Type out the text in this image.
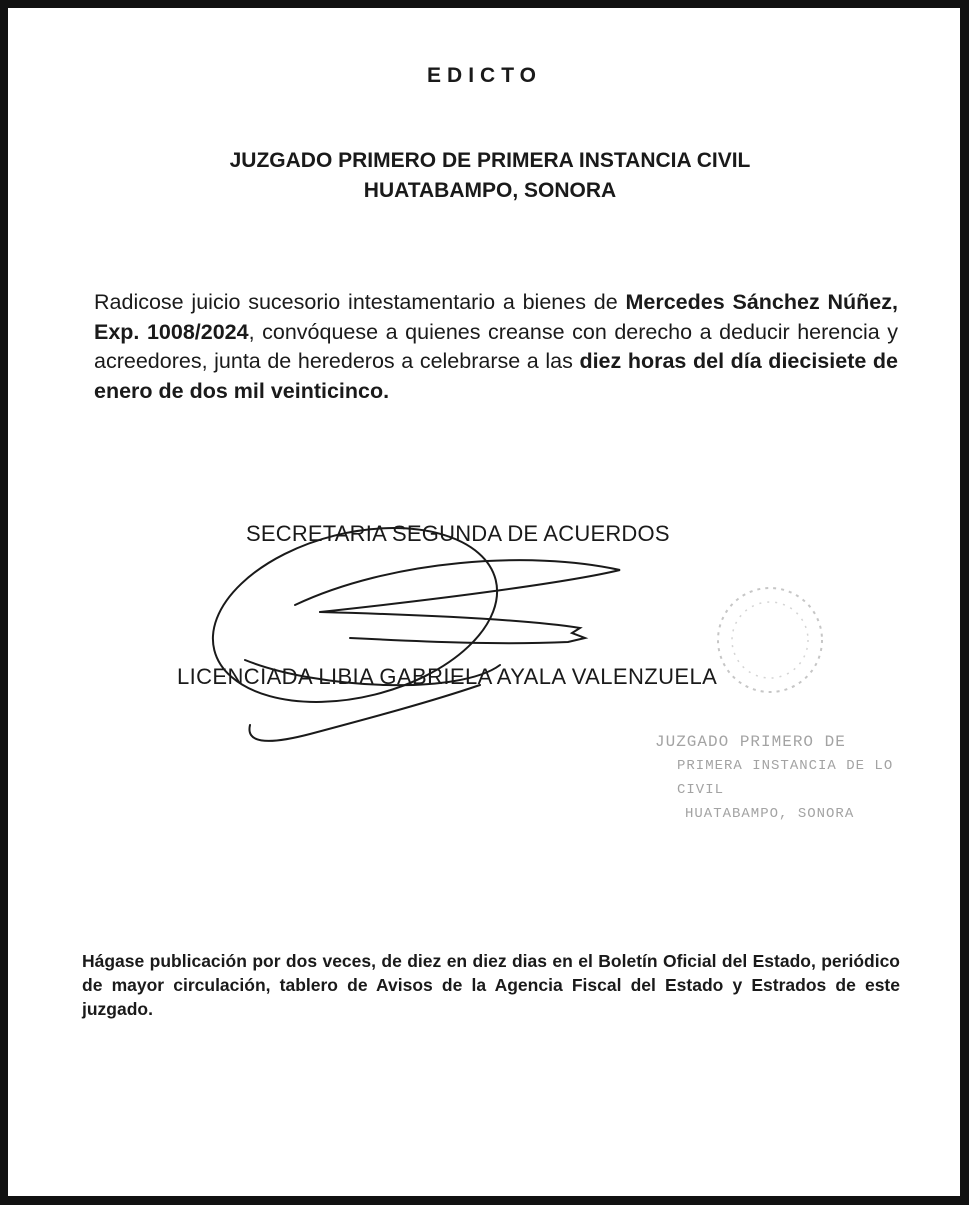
EDICTO
JUZGADO PRIMERO DE PRIMERA INSTANCIA CIVIL
HUATABAMPO, SONORA

Radicose juicio sucesorio intestamentario a bienes de Mercedes Sánchez Núñez, Exp. 1008/2024, convóquese a quienes creanse con derecho a deducir herencia y acreedores, junta de herederos a celebrarse a las diez horas del día diecisiete de enero de dos mil veinticinco.

SECRETARIA SEGUNDA DE ACUERDOS
LICENCIADA LIBIA GABRIELA AYALA VALENZUELA
JUZGADO PRIMERO DE
PRIMERA INSTANCIA DE LO CIVIL
HUATABAMPO, SONORA

Hágase publicación por dos veces, de diez en diez dias en el Boletín Oficial del Estado, periódico de mayor circulación, tablero de Avisos de la Agencia Fiscal del Estado y Estrados de este juzgado.
